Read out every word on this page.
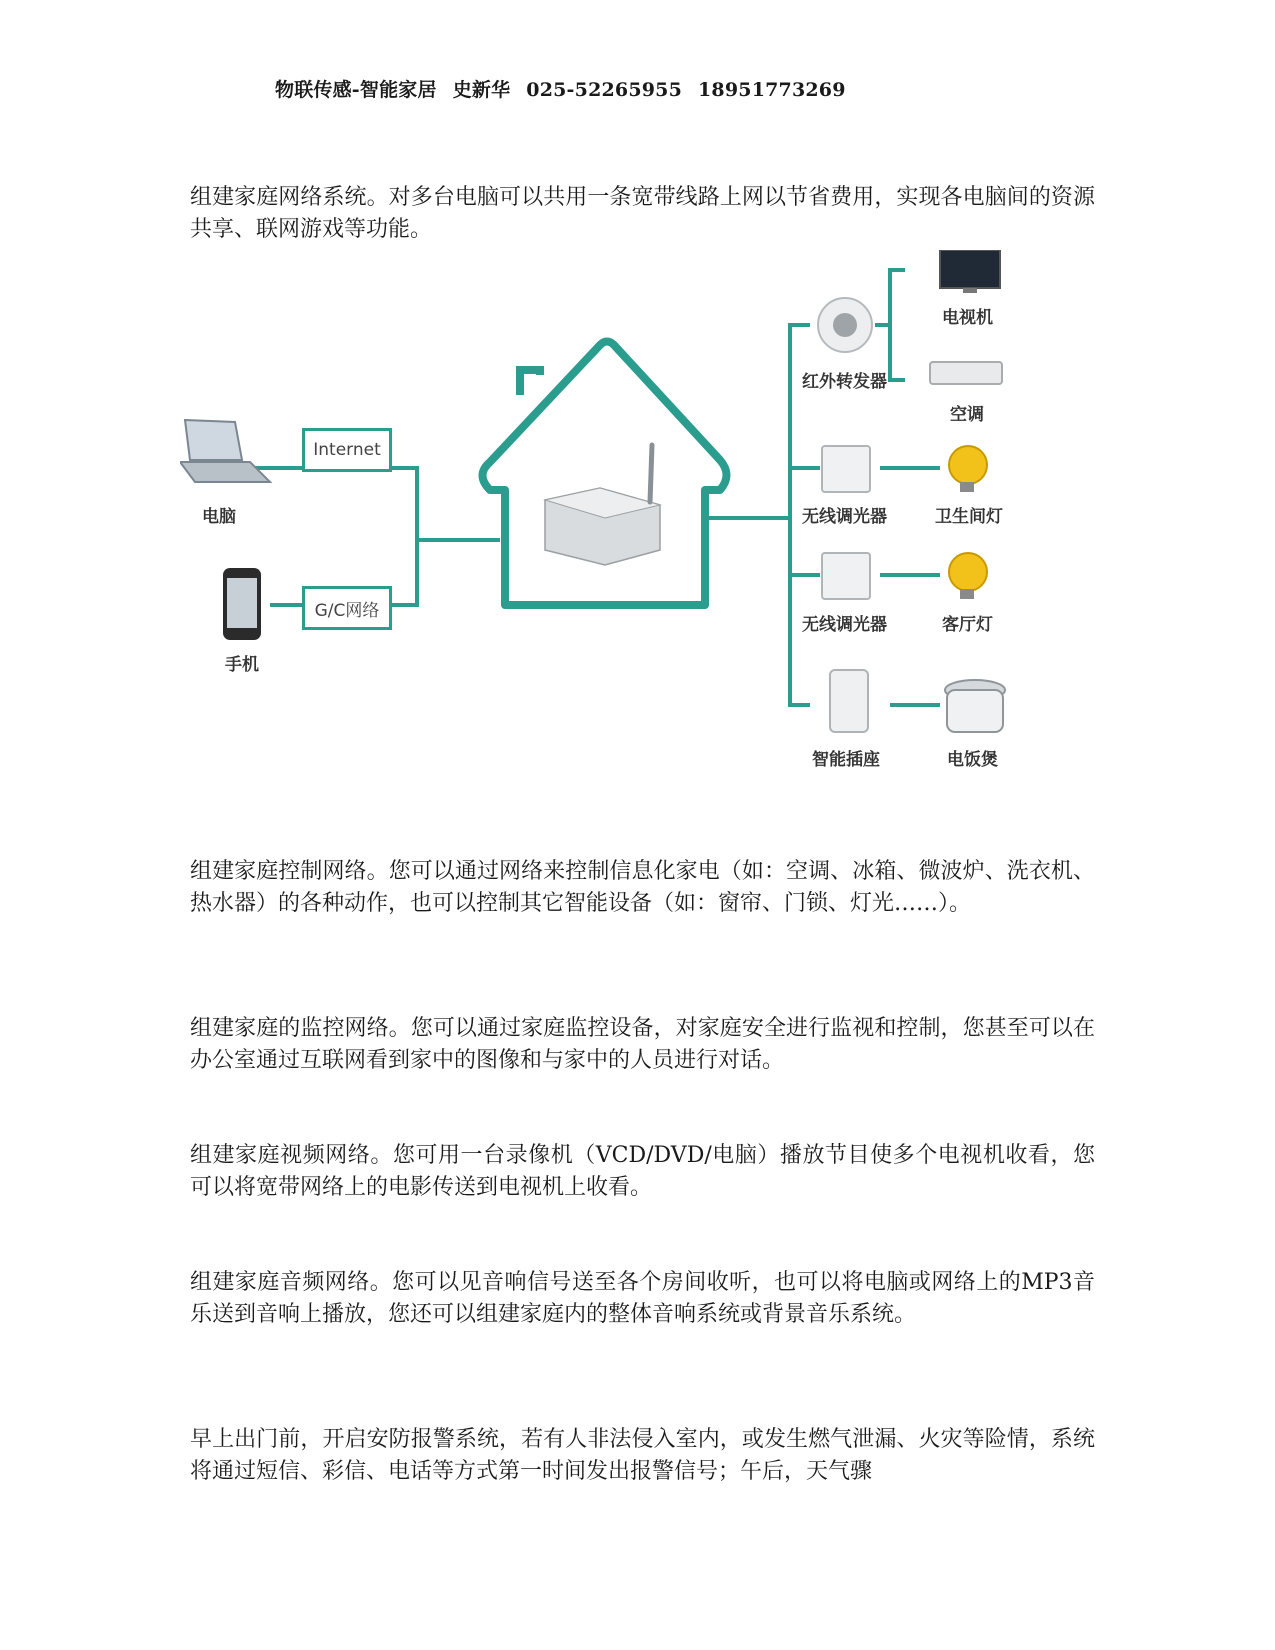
物联传感-智能家居 史新华 025-52265955 18951773269

组建家庭网络系统。对多台电脑可以共用一条宽带线路上网以节省费用，实现各电脑间的资源共享、联网游戏等功能。

Internet
G/C网络
电脑
手机
红外转发器
电视机
空调
无线调光器	卫生间灯
无线调光器	客厅灯
智能插座	电饭煲

组建家庭控制网络。您可以通过网络来控制信息化家电（如：空调、冰箱、微波炉、洗衣机、热水器）的各种动作，也可以控制其它智能设备（如：窗帘、门锁、灯光……）。

组建家庭的监控网络。您可以通过家庭监控设备，对家庭安全进行监视和控制，您甚至可以在办公室通过互联网看到家中的图像和与家中的人员进行对话。

组建家庭视频网络。您可用一台录像机（VCD/DVD/电脑）播放节目使多个电视机收看，您可以将宽带网络上的电影传送到电视机上收看。

组建家庭音频网络。您可以见音响信号送至各个房间收听，也可以将电脑或网络上的MP3音乐送到音响上播放，您还可以组建家庭内的整体音响系统或背景音乐系统。

早上出门前，开启安防报警系统，若有人非法侵入室内，或发生燃气泄漏、火灾等险情，系统将通过短信、彩信、电话等方式第一时间发出报警信号；午后，天气骤
